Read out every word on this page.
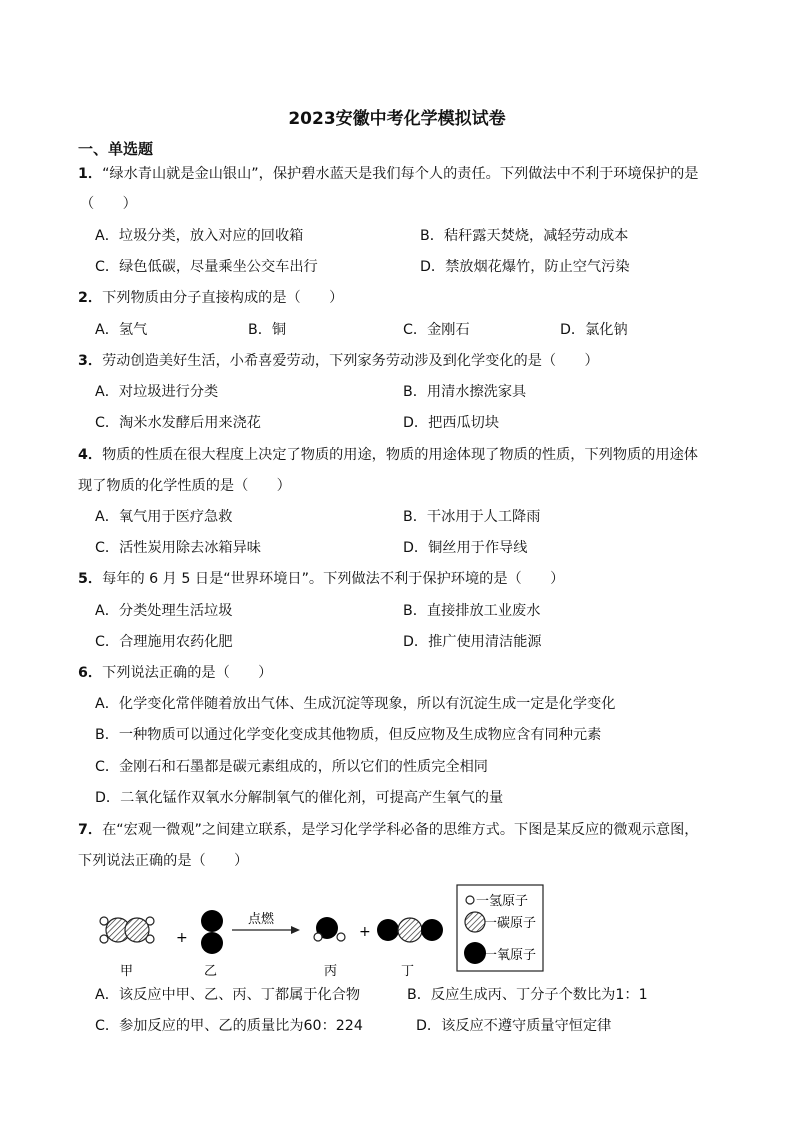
2023安徽中考化学模拟试卷
一、单选题
1．“绿水青山就是金山银山”，保护碧水蓝天是我们每个人的责任。下列做法中不利于环境保护的是
（　　）
A．垃圾分类，放入对应的回收箱	B．秸秆露天焚烧，减轻劳动成本
C．绿色低碳，尽量乘坐公交车出行	D．禁放烟花爆竹，防止空气污染
2．下列物质由分子直接构成的是（　　）
A．氢气	B．铜	C．金刚石	D．氯化钠
3．劳动创造美好生活，小希喜爱劳动，下列家务劳动涉及到化学变化的是（　　）
A．对垃圾进行分类	B．用清水擦洗家具
C．淘米水发酵后用来浇花	D．把西瓜切块
4．物质的性质在很大程度上决定了物质的用途，物质的用途体现了物质的性质，下列物质的用途体
现了物质的化学性质的是（　　）
A．氧气用于医疗急救	B．干冰用于人工降雨
C．活性炭用除去冰箱异味	D．铜丝用于作导线
5．每年的 6 月 5 日是“世界环境日”。下列做法不利于保护环境的是（　　）
A．分类处理生活垃圾	B．直接排放工业废水
C．合理施用农药化肥	D．推广使用清洁能源
6．下列说法正确的是（　　）
A．化学变化常伴随着放出气体、生成沉淀等现象，所以有沉淀生成一定是化学变化
B．一种物质可以通过化学变化变成其他物质，但反应物及生成物应含有同种元素
C．金刚石和石墨都是碳元素组成的，所以它们的性质完全相同
D．二氧化锰作双氧水分解制氧气的催化剂，可提高产生氧气的量
7．在“宏观一微观”之间建立联系，是学习化学学科必备的思维方式。下图是某反应的微观示意图，
下列说法正确的是（　　）
+
点燃
+
甲	乙	丙	丁
一氢原子
一碳原子
一氧原子
A．该反应中甲、乙、丙、丁都属于化合物	B．反应生成丙、丁分子个数比为1：1
C．参加反应的甲、乙的质量比为60：224	D．该反应不遵守质量守恒定律
